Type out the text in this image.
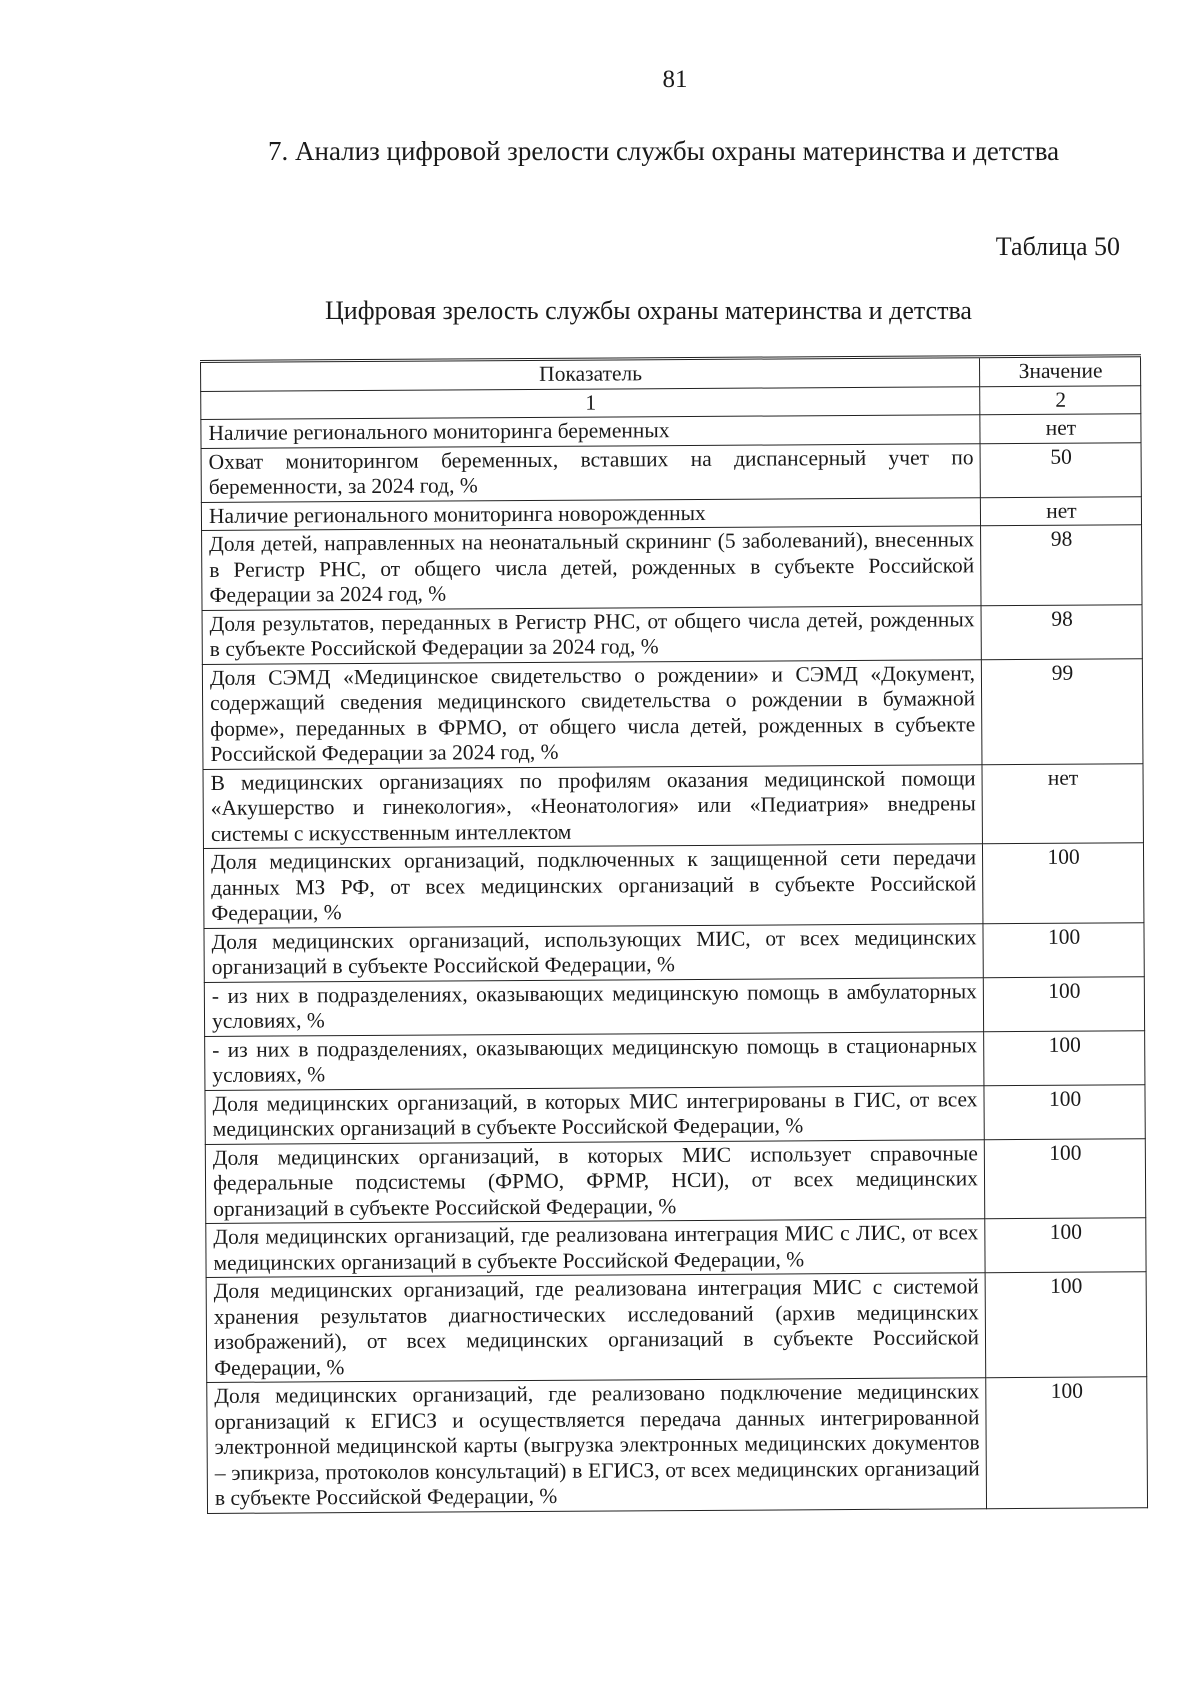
81
7. Анализ цифровой зрелости службы охраны материнства и детства
Таблица 50
Цифровая зрелость службы охраны материнства и детства
Показатель	Значение
1	2
Наличие регионального мониторинга беременных	нет
Охват мониторингом беременных, вставших на диспансерный учет по беременности, за 2024 год, %	50
Наличие регионального мониторинга новорожденных	нет
Доля детей, направленных на неонатальный скрининг (5 заболеваний), внесенных в Регистр РНС, от общего числа детей, рожденных в субъекте Российской Федерации за 2024 год, %	98
Доля результатов, переданных в Регистр РНС, от общего числа детей, рожденных в субъекте Российской Федерации за 2024 год, %	98
Доля СЭМД «Медицинское свидетельство о рождении» и СЭМД «Документ, содержащий сведения медицинского свидетельства о рождении в бумажной форме», переданных в ФРМО, от общего числа детей, рожденных в субъекте Российской Федерации за 2024 год, %	99
В медицинских организациях по профилям оказания медицинской помощи «Акушерство и гинекология», «Неонатология» или «Педиатрия» внедрены системы с искусственным интеллектом	нет
Доля медицинских организаций, подключенных к защищенной сети передачи данных МЗ РФ, от всех медицинских организаций в субъекте Российской Федерации, %	100
Доля медицинских организаций, использующих МИС, от всех медицинских организаций в субъекте Российской Федерации, %	100
- из них в подразделениях, оказывающих медицинскую помощь в амбулаторных условиях, %	100
- из них в подразделениях, оказывающих медицинскую помощь в стационарных условиях, %	100
Доля медицинских организаций, в которых МИС интегрированы в ГИС, от всех медицинских организаций в субъекте Российской Федерации, %	100
Доля медицинских организаций, в которых МИС использует справочные федеральные подсистемы (ФРМО, ФРМР, НСИ), от всех медицинских организаций в субъекте Российской Федерации, %	100
Доля медицинских организаций, где реализована интеграция МИС с ЛИС, от всех медицинских организаций в субъекте Российской Федерации, %	100
Доля медицинских организаций, где реализована интеграция МИС с системой хранения результатов диагностических исследований (архив медицинских изображений), от всех медицинских организаций в субъекте Российской Федерации, %	100
Доля медицинских организаций, где реализовано подключение медицинских организаций к ЕГИСЗ и осуществляется передача данных интегрированной электронной медицинской карты (выгрузка электронных медицинских документов – эпикриза, протоколов консультаций) в ЕГИСЗ, от всех медицинских организаций в субъекте Российской Федерации, %	100
